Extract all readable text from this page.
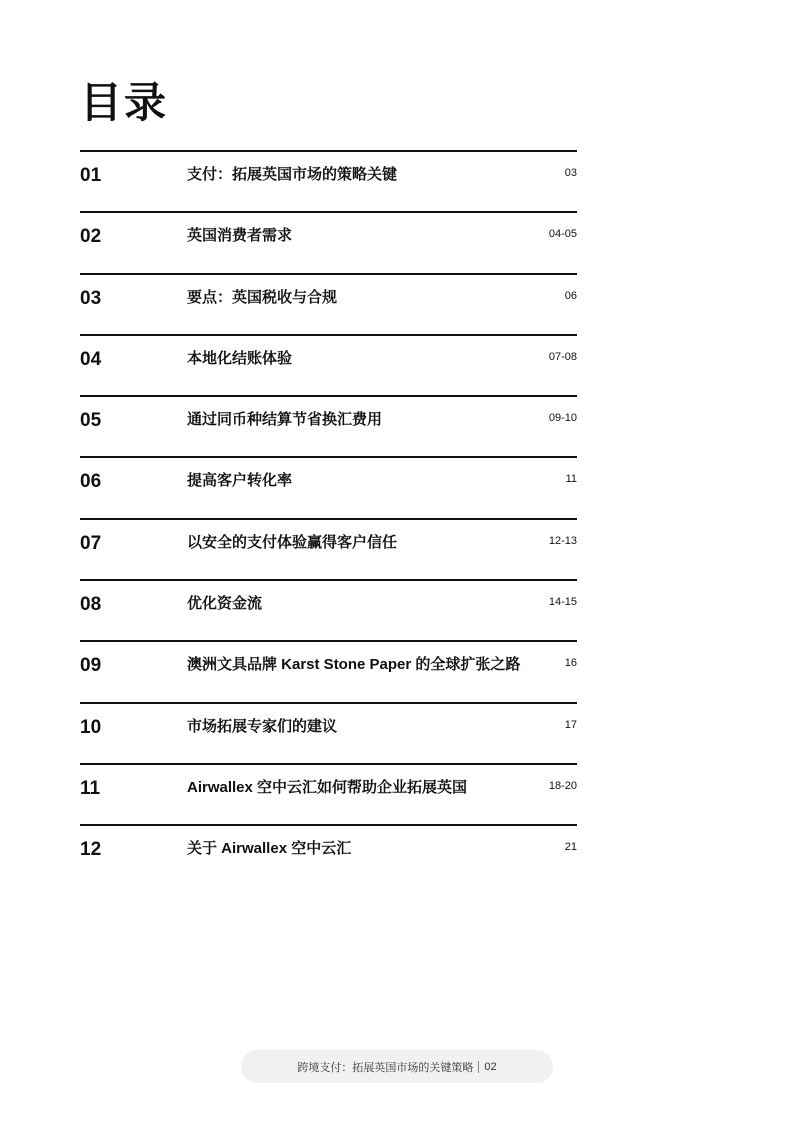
目录
01	支付：拓展英国市场的策略关键	03
02	英国消费者需求	04-05
03	要点：英国税收与合规	06
04	本地化结账体验	07-08
05	通过同币种结算节省换汇费用	09-10
06	提高客户转化率	11
07	以安全的支付体验赢得客户信任	12-13
08	优化资金流	14-15
09	澳洲文具品牌 Karst Stone Paper 的全球扩张之路	16
10	市场拓展专家们的建议	17
11	Airwallex 空中云汇如何帮助企业拓展英国	18-20
12	关于 Airwallex 空中云汇	21
跨境支付：拓展英国市场的关键策略 02
